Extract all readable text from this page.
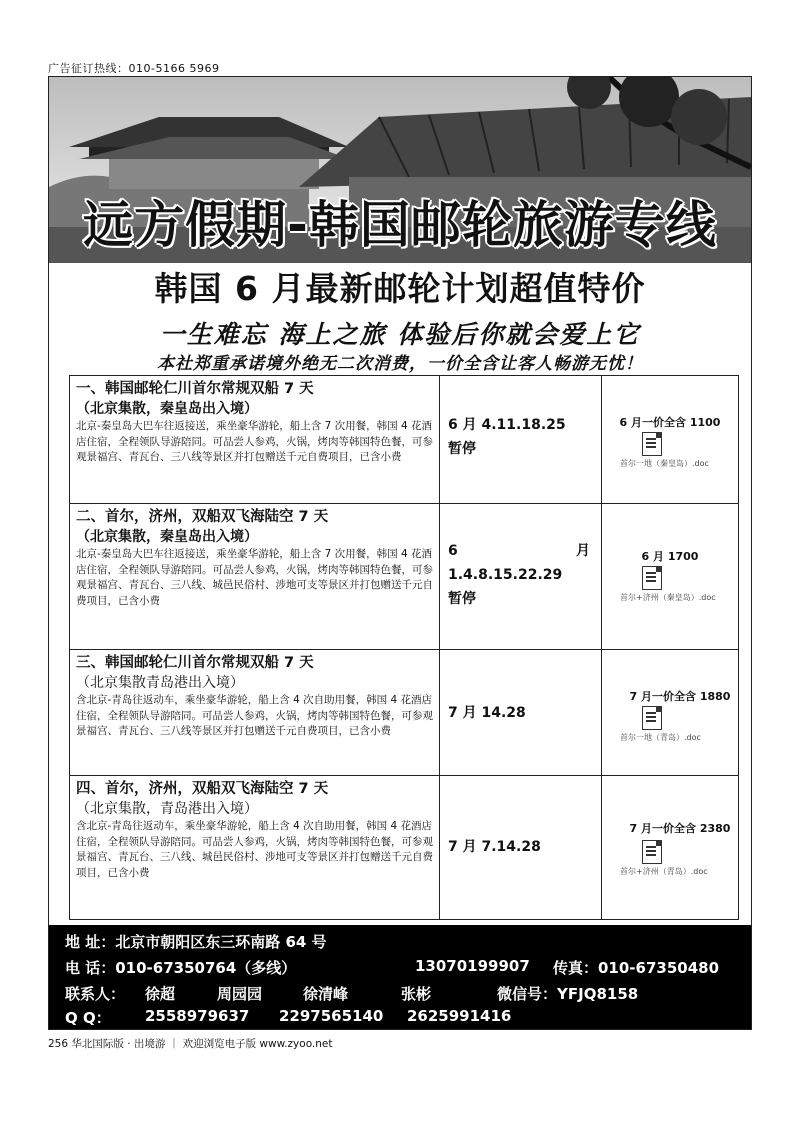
广告征订热线：010-5166 5969
远方假期-韩国邮轮旅游专线
韩国 6 月最新邮轮计划超值特价
一生难忘 海上之旅 体验后你就会爱上它
本社郑重承诺境外绝无二次消费，一价全含让客人畅游无忧！
一、韩国邮轮仁川首尔常规双船 7 天
（北京集散，秦皇岛出入境）
北京-秦皇岛大巴车往返接送，乘坐豪华游轮，船上含 7 次用餐，韩国 4 花酒店住宿，全程领队导游陪同。可品尝人参鸡，火锅，烤肉等韩国特色餐，可参观景福宫、青瓦台、三八线等景区并打包赠送千元自费项目，已含小费
6 月 4.11.18.25
暂停
6 月一价全含 1100
首尔一地（秦皇岛）.doc
二、首尔，济州，双船双飞海陆空 7 天
（北京集散，秦皇岛出入境）
北京-秦皇岛大巴车往返接送，乘坐豪华游轮，船上含 7 次用餐，韩国 4 花酒店住宿，全程领队导游陪同。可品尝人参鸡，火锅，烤肉等韩国特色餐，可参观景福宫、青瓦台、三八线、城邑民俗村、涉地可支等景区并打包赠送千元自费项目，已含小费
6	月
1.4.8.15.22.29
暂停
6 月 1700
首尔+济州（秦皇岛）.doc
三、韩国邮轮仁川首尔常规双船 7 天
（北京集散青岛港出入境）
含北京-青岛往返动车，乘坐豪华游轮，船上含 4 次自助用餐，韩国 4 花酒店住宿，全程领队导游陪同。可品尝人参鸡，火锅，烤肉等韩国特色餐，可参观景福宫、青瓦台、三八线等景区并打包赠送千元自费项目，已含小费
7 月 14.28
7 月一价全含 1880
首尔一地（青岛）.doc
四、首尔，济州，双船双飞海陆空 7 天
（北京集散，青岛港出入境）
含北京-青岛往返动车，乘坐豪华游轮，船上含 4 次自助用餐，韩国 4 花酒店住宿，全程领队导游陪同。可品尝人参鸡，火锅，烤肉等韩国特色餐，可参观景福宫、青瓦台、三八线、城邑民俗村、涉地可支等景区并打包赠送千元自费项目，已含小费
7 月 7.14.28
7 月一价全含 2380
首尔+济州（青岛）.doc
地 址：北京市朝阳区东三环南路 64 号
电 话：010-67350764（多线）	13070199907 传真：010-67350480
联系人： 徐超	周园园	徐清峰	张彬	微信号：YFJQ8158
Q Q： 2558979637 2297565140 2625991416
256 华北国际版 · 出境游 ｜ 欢迎浏览电子版 www.zyoo.net
